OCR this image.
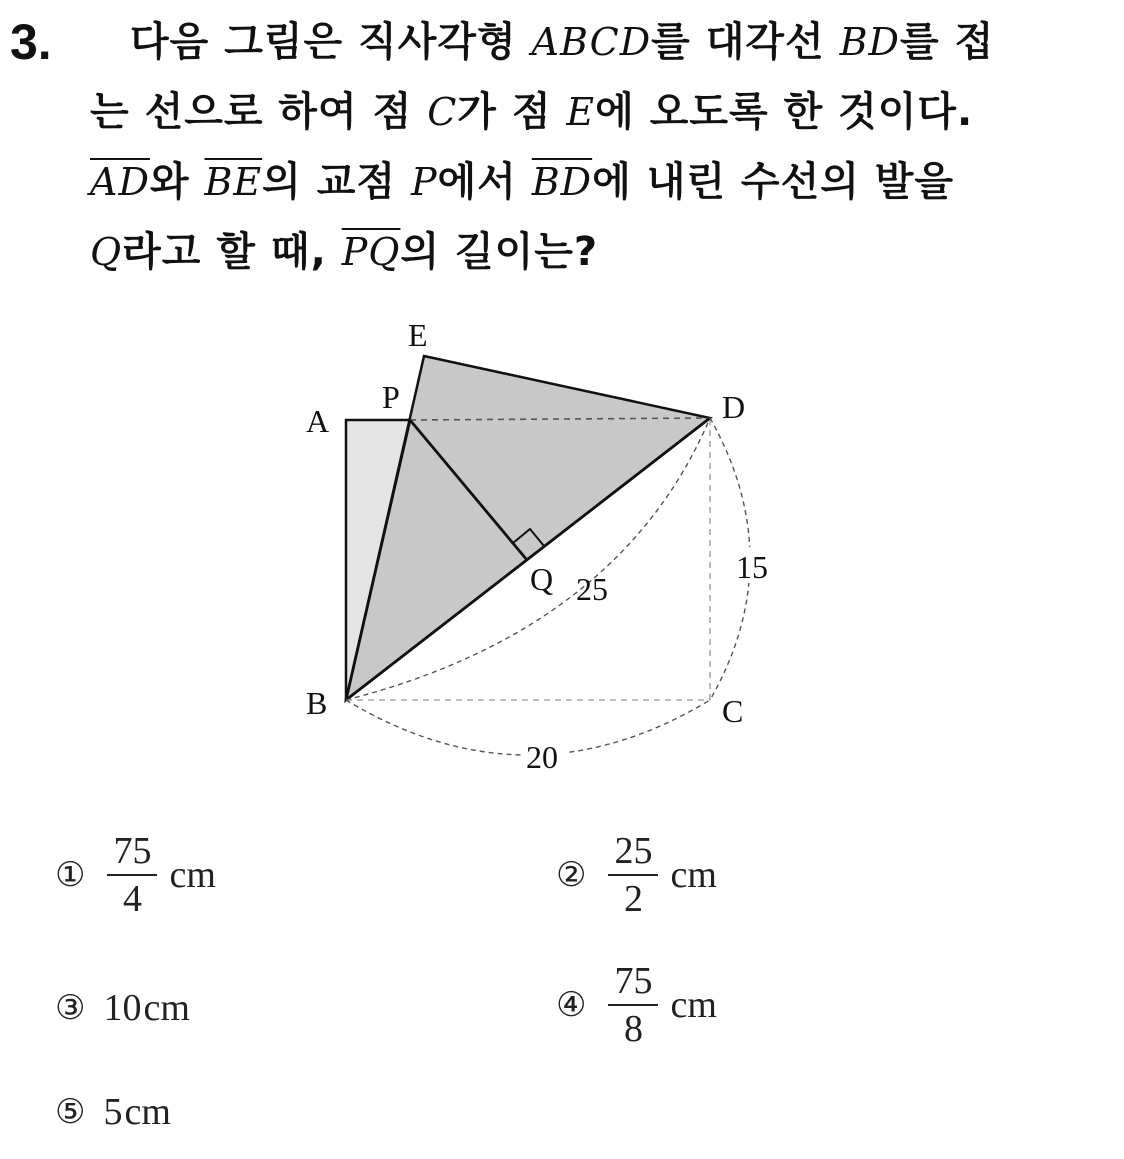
3. 다음 그림은 직사각형 ABCD를 대각선 BD를 접
는 선으로 하여 점 C가 점 E에 오도록 한 것이다.
$\overline{AD}$와 $\overline{BE}$의 교점 P에서 $\overline{BD}$에 내린 수선의 발을
Q라고 할 때, $\overline{PQ}$의 길이는?
E
P
A	D
Q
B	C
25
15
20
① $\frac{75}{4}$ cm	② $\frac{25}{2}$ cm
③ 10 cm	④ $\frac{75}{8}$ cm
⑤ 5 cm
